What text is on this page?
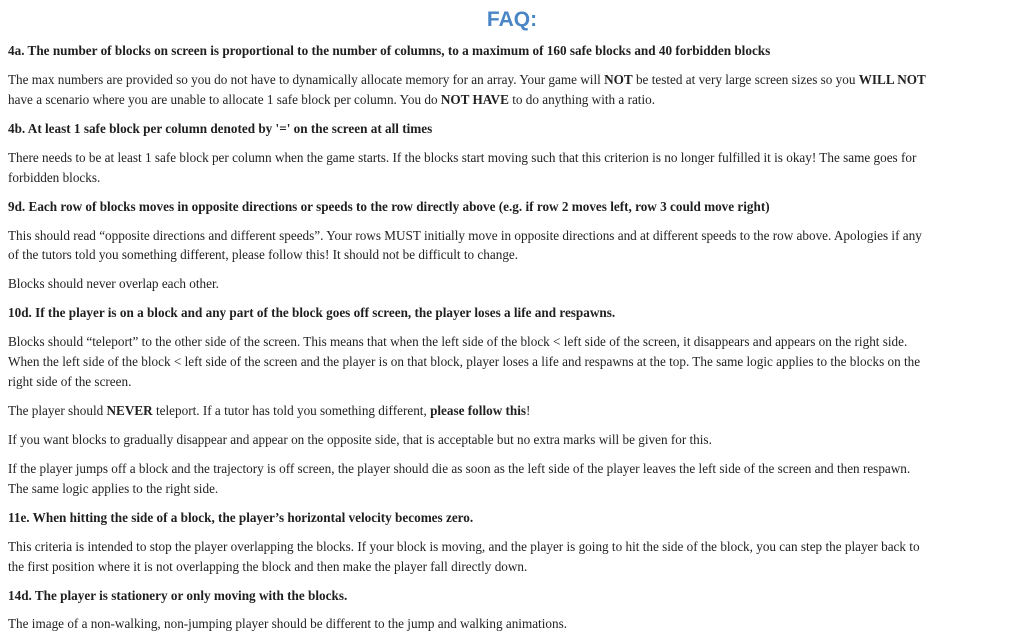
FAQ:
4a. The number of blocks on screen is proportional to the number of columns, to a maximum of 160 safe blocks and 40 forbidden blocks
The max numbers are provided so you do not have to dynamically allocate memory for an array. Your game will NOT be tested at very large screen sizes so you WILL NOT
have a scenario where you are unable to allocate 1 safe block per column. You do NOT HAVE to do anything with a ratio.
4b. At least 1 safe block per column denoted by '=' on the screen at all times
There needs to be at least 1 safe block per column when the game starts. If the blocks start moving such that this criterion is no longer fulfilled it is okay! The same goes for
forbidden blocks.
9d. Each row of blocks moves in opposite directions or speeds to the row directly above (e.g. if row 2 moves left, row 3 could move right)
This should read “opposite directions and different speeds”. Your rows MUST initially move in opposite directions and at different speeds to the row above. Apologies if any
of the tutors told you something different, please follow this! It should not be difficult to change.
Blocks should never overlap each other.
10d. If the player is on a block and any part of the block goes off screen, the player loses a life and respawns.
Blocks should “teleport” to the other side of the screen. This means that when the left side of the block < left side of the screen, it disappears and appears on the right side.
When the left side of the block < left side of the screen and the player is on that block, player loses a life and respawns at the top. The same logic applies to the blocks on the
right side of the screen.
The player should NEVER teleport. If a tutor has told you something different, please follow this!
If you want blocks to gradually disappear and appear on the opposite side, that is acceptable but no extra marks will be given for this.
If the player jumps off a block and the trajectory is off screen, the player should die as soon as the left side of the player leaves the left side of the screen and then respawn.
The same logic applies to the right side.
11e. When hitting the side of a block, the player’s horizontal velocity becomes zero.
This criteria is intended to stop the player overlapping the blocks. If your block is moving, and the player is going to hit the side of the block, you can step the player back to
the first position where it is not overlapping the block and then make the player fall directly down.
14d. The player is stationery or only moving with the blocks.
The image of a non-walking, non-jumping player should be different to the jump and walking animations.
